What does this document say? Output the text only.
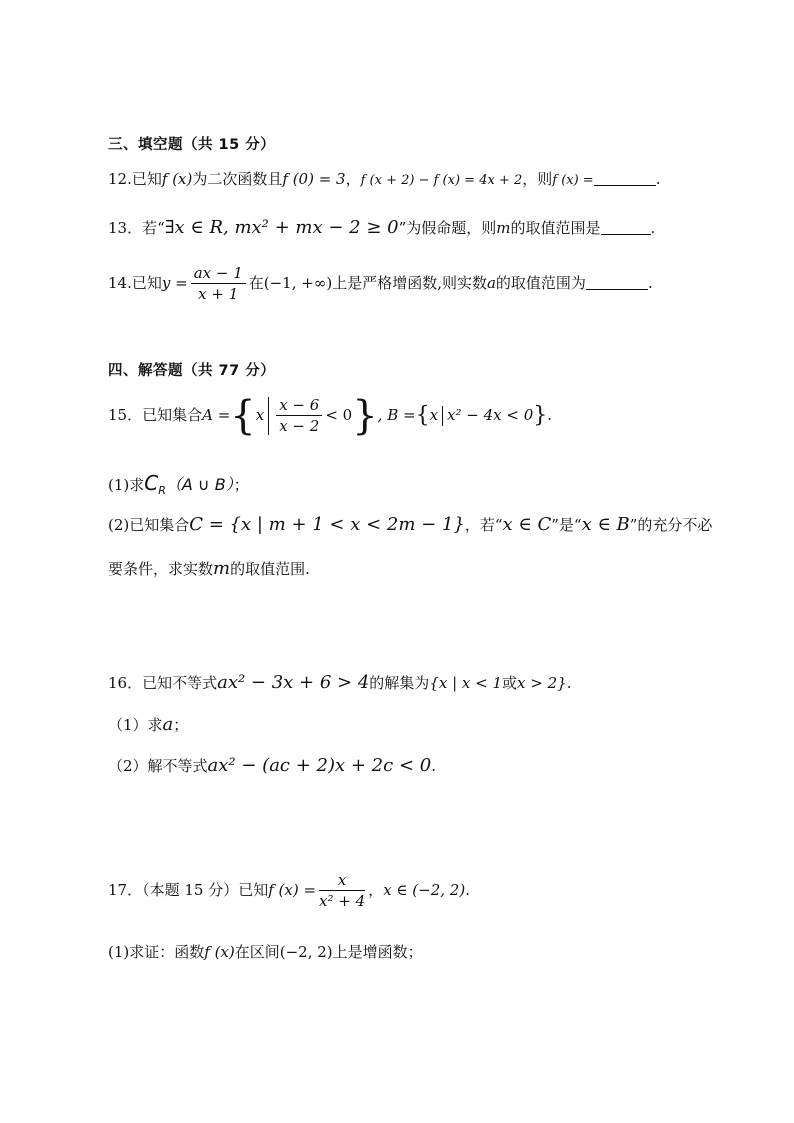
三、填空题（共 15 分）
12.已知f (x)为二次函数且f (0) = 3，f (x + 2) − f (x) = 4x + 2，则f (x) =	.
13．若“∃x ∈ R, mx² + mx − 2 ≥ 0”为假命题，则m的取值范围是	.
14.已知$y = \frac{ax - 1}{x + 1}$ 在(−1, +∞)上是严格增函数,则实数a的取值范围为	.
四、解答题（共 77 分）
15．已知集合$A =\{x \frac{x - 6}{x - 2} < 0\}$, B ={x x² − 4x < 0}.
(1)求$C_R(A$ ∪ B）；
(2)已知集合C = {x | m + 1 < x < 2m − 1}，若“x ∈ C”是“x ∈ B”的充分不必
要条件，求实数m的取值范围.
16．已知不等式ax² − 3x + 6 > 4的解集为{x | x < 1或x > 2}.
（1）求a；
（2）解不等式ax² − (ac + 2)x + 2c < 0.
17．（本题 15 分）已知f $(x) = \frac{x}{\text{x² + 4}}$ ，x ∈ (−2, 2).
(1)求证：函数f (x)在区间(−2, 2)上是增函数；
